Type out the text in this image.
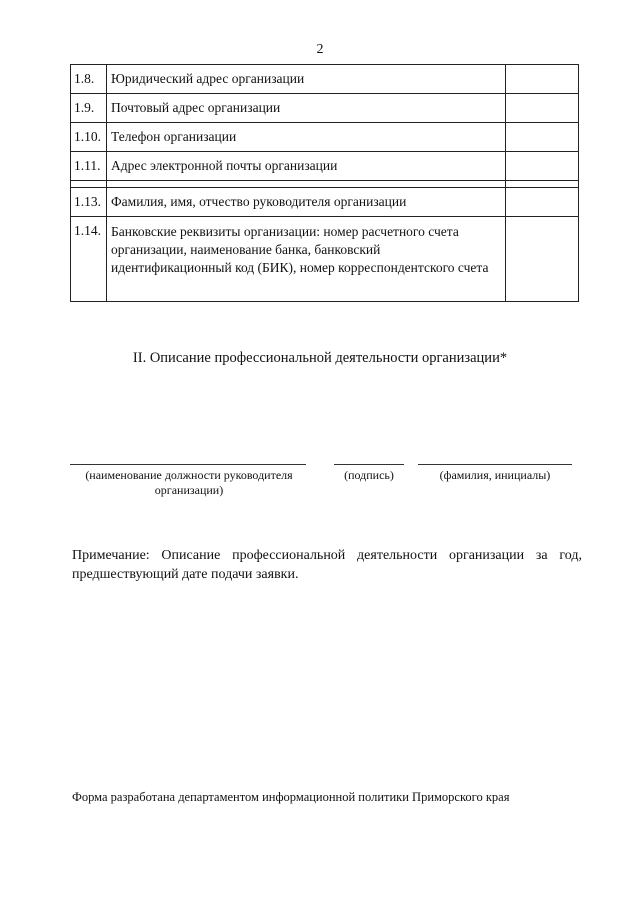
2
1.8.	Юридический адрес организации	
1.9.	Почтовый адрес организации	
1.10.	Телефон организации	
1.11.	Адрес электронной почты организации	

1.13.	Фамилия, имя, отчество руководителя организации	
1.14.	Банковские реквизиты организации: номер расчетного счета организации, наименование банка, банковский идентификационный код (БИК), номер корреспондентского счета	
II. Описание профессиональной деятельности организации*
(наименование должности руководителя организации)
(подпись)	(фамилия, инициалы)
Примечание: Описание профессиональной деятельности организации за год, предшествующий дате подачи заявки.
Форма разработана департаментом информационной политики Приморского края
